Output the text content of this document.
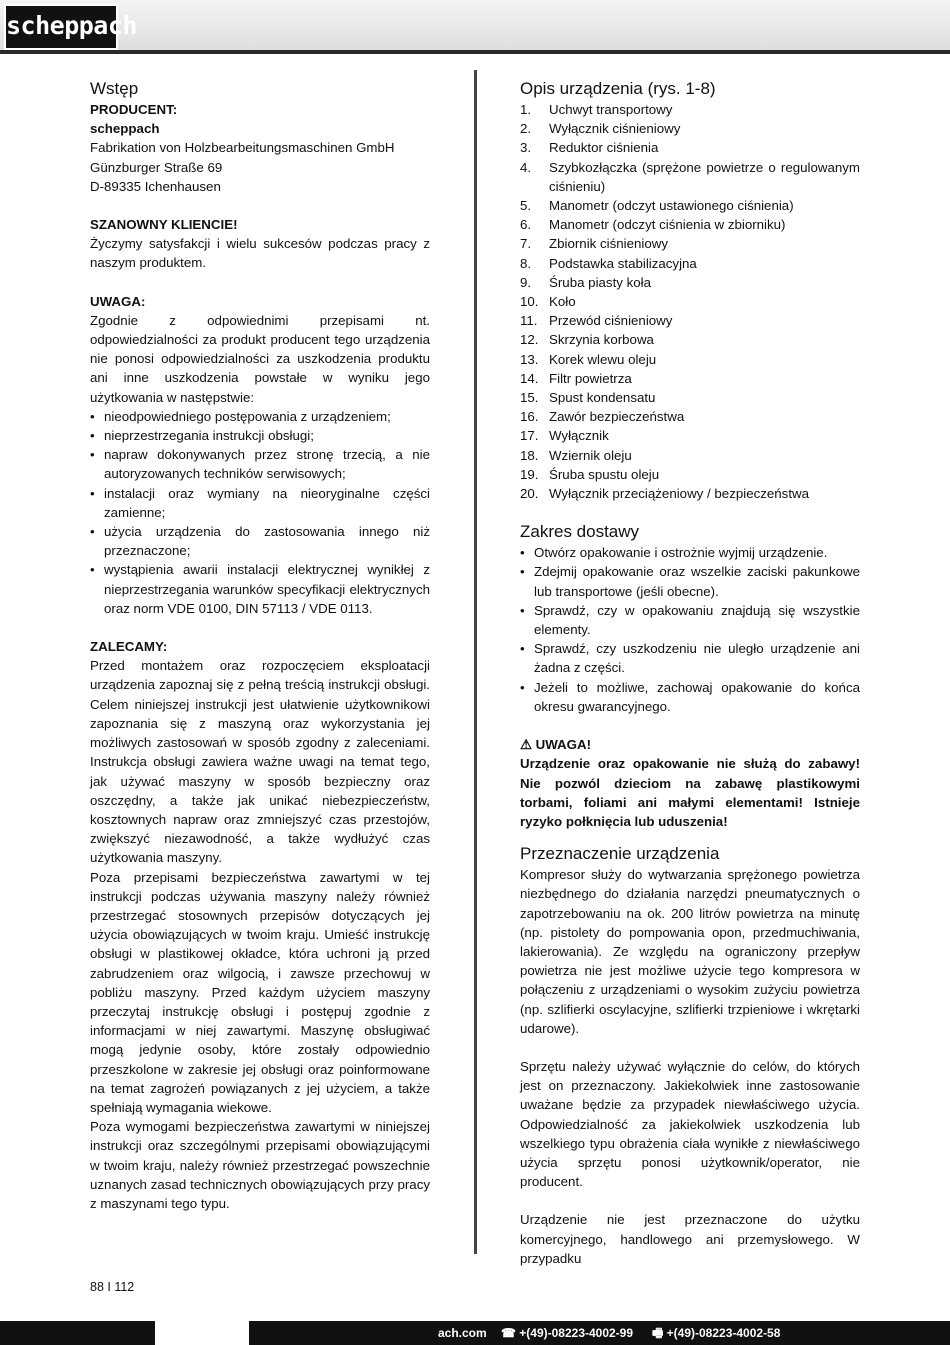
scheppach
Wstęp

PRODUCENT:

scheppach

Fabrikation von Holzbearbeitungsmaschinen GmbH

Günzburger Straße 69

D-89335 Ichenhausen

SZANOWNY KLIENCIE!

Życzymy satysfakcji i wielu sukcesów podczas pracy z naszym produktem.

UWAGA:

Zgodnie z odpowiednimi przepisami nt. odpowiedzialności za produkt producent tego urządzenia nie ponosi odpowiedzialności za uszkodzenia produktu ani inne uszkodzenia powstałe w wyniku jego użytkowania w następstwie:

• nieodpowiedniego postępowania z urządzeniem;
• nieprzestrzegania instrukcji obsługi;
• napraw dokonywanych przez stronę trzecią, a nie autoryzowanych techników serwisowych;
• instalacji oraz wymiany na nieoryginalne części zamienne;
• użycia urządzenia do zastosowania innego niż przeznaczone;
• wystąpienia awarii instalacji elektrycznej wynikłej z nieprzestrzegania warunków specyfikacji elektrycznych oraz norm VDE 0100, DIN 57113 / VDE 0113.

ZALECAMY:

Przed montażem oraz rozpoczęciem eksploatacji urządzenia zapoznaj się z pełną treścią instrukcji obsługi. Celem niniejszej instrukcji jest ułatwienie użytkownikowi zapoznania się z maszyną oraz wykorzystania jej możliwych zastosowań w sposób zgodny z zaleceniami. Instrukcja obsługi zawiera ważne uwagi na temat tego, jak używać maszyny w sposób bezpieczny oraz oszczędny, a także jak unikać niebezpieczeństw, kosztownych napraw oraz zmniejszyć czas przestojów, zwiększyć niezawodność, a także wydłużyć czas użytkowania maszyny.

Poza przepisami bezpieczeństwa zawartymi w tej instrukcji podczas używania maszyny należy również przestrzegać stosownych przepisów dotyczących jej użycia obowiązujących w twoim kraju. Umieść instrukcję obsługi w plastikowej okładce, która uchroni ją przed zabrudzeniem oraz wilgocią, i zawsze przechowuj w pobliżu maszyny. Przed każdym użyciem maszyny przeczytaj instrukcję obsługi i postępuj zgodnie z informacjami w niej zawartymi. Maszynę obsługiwać mogą jedynie osoby, które zostały odpowiednio przeszkolone w zakresie jej obsługi oraz poinformowane na temat zagrożeń powiązanych z jej użyciem, a także spełniają wymagania wiekowe.

Poza wymogami bezpieczeństwa zawartymi w niniejszej instrukcji oraz szczególnymi przepisami obowiązującymi w twoim kraju, należy również przestrzegać powszechnie uznanych zasad technicznych obowiązujących przy pracy z maszynami tego typu.

Opis urządzenia (rys. 1-8)
1. Uchwyt transportowy
2. Wyłącznik ciśnieniowy
3. Reduktor ciśnienia
4. Szybkozłączka (sprężone powietrze o regulowanym ciśnieniu)
5. Manometr (odczyt ustawionego ciśnienia)
6. Manometr (odczyt ciśnienia w zbiorniku)
7. Zbiornik ciśnieniowy
8. Podstawka stabilizacyjna
9. Śruba piasty koła
10. Koło
11. Przewód ciśnieniowy
12. Skrzynia korbowa
13. Korek wlewu oleju
14. Filtr powietrza
15. Spust kondensatu
16. Zawór bezpieczeństwa
17. Wyłącznik
18. Wziernik oleju
19. Śruba spustu oleju
20. Wyłącznik przeciążeniowy / bezpieczeństwa
Zakres dostawy
• Otwórz opakowanie i ostrożnie wyjmij urządzenie.
• Zdejmij opakowanie oraz wszelkie zaciski pakunkowe lub transportowe (jeśli obecne).
• Sprawdź, czy w opakowaniu znajdują się wszystkie elementy.
• Sprawdź, czy uszkodzeniu nie uległo urządzenie ani żadna z części.
• Jeżeli to możliwe, zachowaj opakowanie do końca okresu gwarancyjnego.

⚠ UWAGA!

Urządzenie oraz opakowanie nie służą do zabawy! Nie pozwól dzieciom na zabawę plastikowymi torbami, foliami ani małymi elementami! Istnieje ryzyko połknięcia lub uduszenia!

Przeznaczenie urządzenia

Kompresor służy do wytwarzania sprężonego powietrza niezbędnego do działania narzędzi pneumatycznych o zapotrzebowaniu na ok. 200 litrów powietrza na minutę (np. pistolety do pompowania opon, przedmuchiwania, lakierowania). Ze względu na ograniczony przepływ powietrza nie jest możliwe użycie tego kompresora w połączeniu z urządzeniami o wysokim zużyciu powietrza (np. szlifierki oscylacyjne, szlifierki trzpieniowe i wkrętarki udarowe).

Sprzętu należy używać wyłącznie do celów, do których jest on przeznaczony. Jakiekolwiek inne zastosowanie uważane będzie za przypadek niewłaściwego użycia. Odpowiedzialność za jakiekolwiek uszkodzenia lub wszelkiego typu obrażenia ciała wynikłe z niewłaściwego użycia sprzętu ponosi użytkownik/operator, nie producent.

Urządzenie nie jest przeznaczone do użytku komercyjnego, handlowego ani przemysłowego. W przypadku

88 I 112
ach.com ☎ +(49)-08223-4002-99 🖷 +(49)-08223-4002-58
